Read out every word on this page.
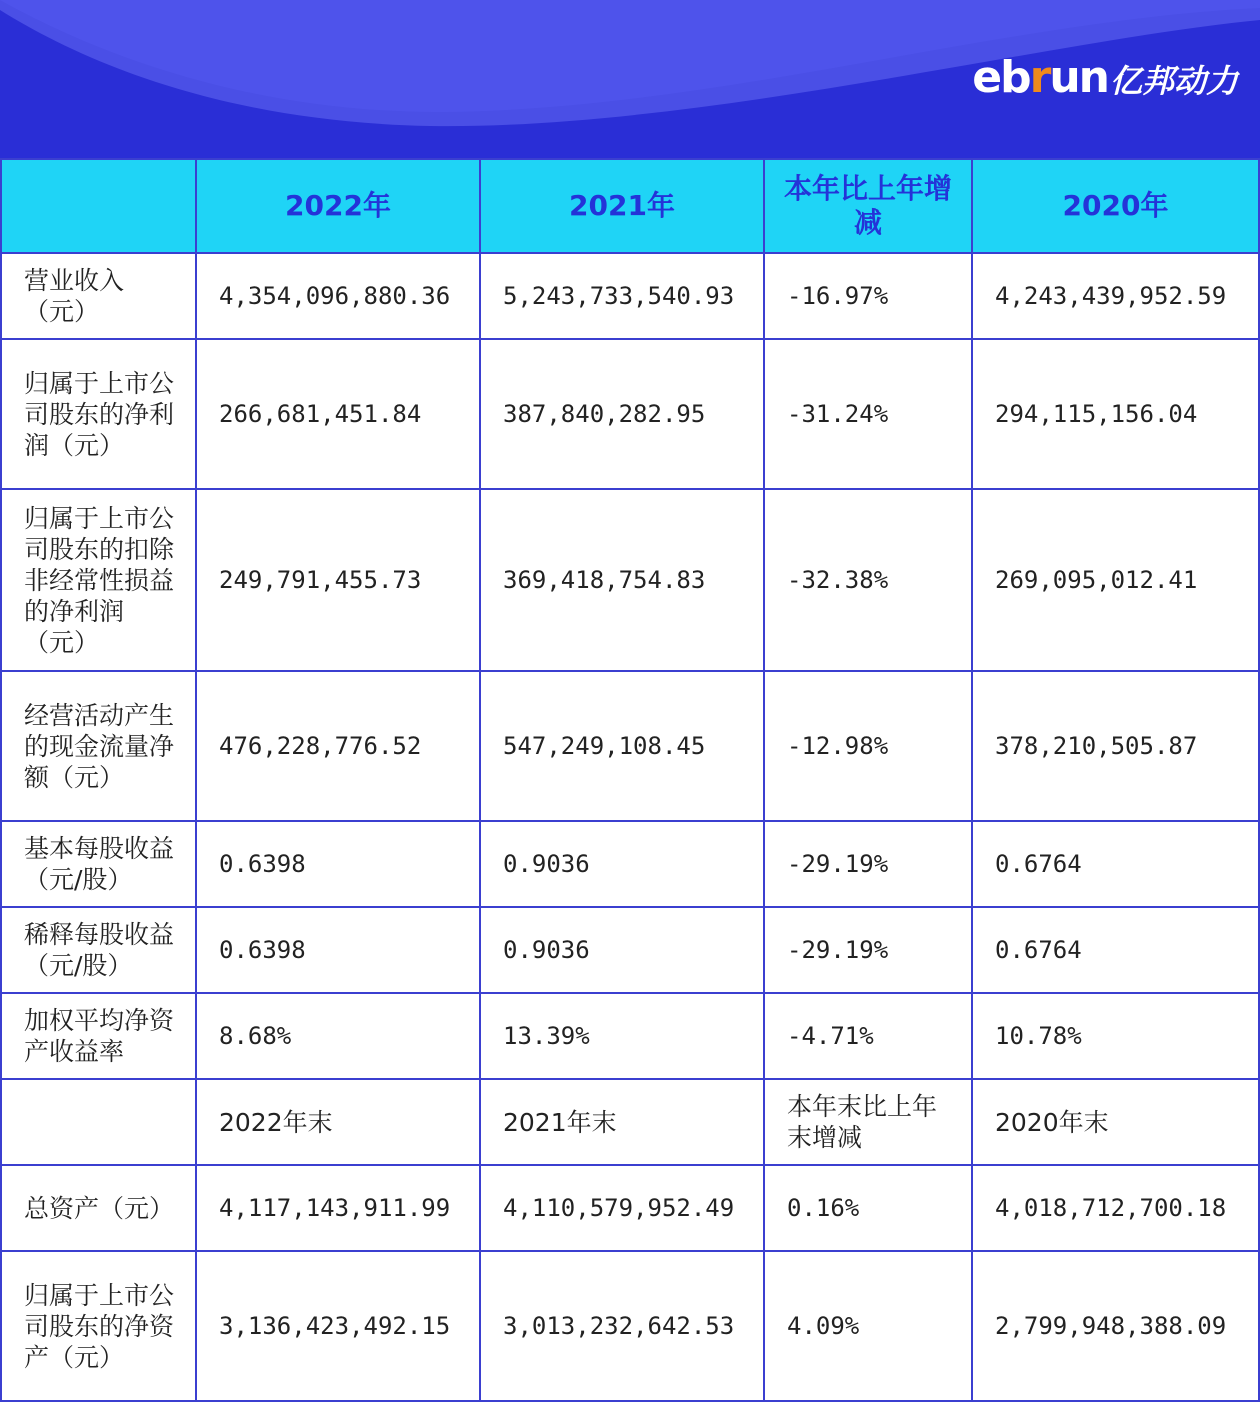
ebrun 亿邦动力
	2022年	2021年	本年比上年增减	2020年
营业收入（元）	4,354,096,880.36	5,243,733,540.93	-16.97%	4,243,439,952.59
归属于上市公司股东的净利润（元）	266,681,451.84	387,840,282.95	-31.24%	294,115,156.04
归属于上市公司股东的扣除非经常性损益的净利润（元）	249,791,455.73	369,418,754.83	-32.38%	269,095,012.41
经营活动产生的现金流量净额（元）	476,228,776.52	547,249,108.45	-12.98%	378,210,505.87
基本每股收益（元/股）	0.6398	0.9036	-29.19%	0.6764
稀释每股收益（元/股）	0.6398	0.9036	-29.19%	0.6764
加权平均净资产收益率	8.68%	13.39%	-4.71%	10.78%
	2022年末	2021年末	本年末比上年末增减	2020年末
总资产（元）	4,117,143,911.99	4,110,579,952.49	0.16%	4,018,712,700.18
归属于上市公司股东的净资产（元）	3,136,423,492.15	3,013,232,642.53	4.09%	2,799,948,388.09
